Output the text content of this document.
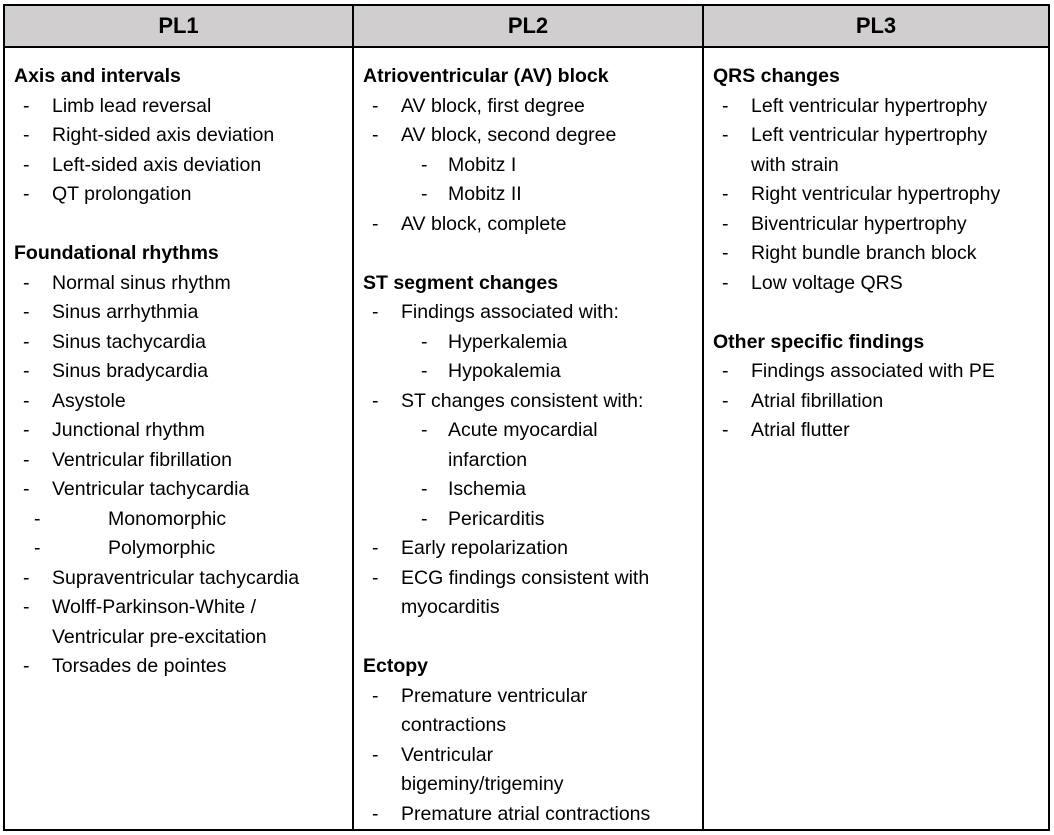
PL1	PL2	PL3
Axis and intervals
- Limb lead reversal
- Right-sided axis deviation
- Left-sided axis deviation
- QT prolongation
Foundational rhythms
- Normal sinus rhythm
- Sinus arrhythmia
- Sinus tachycardia
- Sinus bradycardia
- Asystole
- Junctional rhythm
- Ventricular fibrillation
- Ventricular tachycardia
- Monomorphic
- Polymorphic
- Supraventricular tachycardia
- Wolff-Parkinson-White / Ventricular pre-excitation
- Torsades de pointes
Atrioventricular (AV) block
- AV block, first degree
- AV block, second degree
- Mobitz I
- Mobitz II
- AV block, complete
ST segment changes
- Findings associated with:
- Hyperkalemia
- Hypokalemia
- ST changes consistent with:
- Acute myocardial infarction
- Ischemia
- Pericarditis
- Early repolarization
- ECG findings consistent with myocarditis
Ectopy
- Premature ventricular contractions
- Ventricular bigeminy/trigeminy
- Premature atrial contractions
QRS changes
- Left ventricular hypertrophy
- Left ventricular hypertrophy with strain
- Right ventricular hypertrophy
- Biventricular hypertrophy
- Right bundle branch block
- Low voltage QRS
Other specific findings
- Findings associated with PE
- Atrial fibrillation
- Atrial flutter
